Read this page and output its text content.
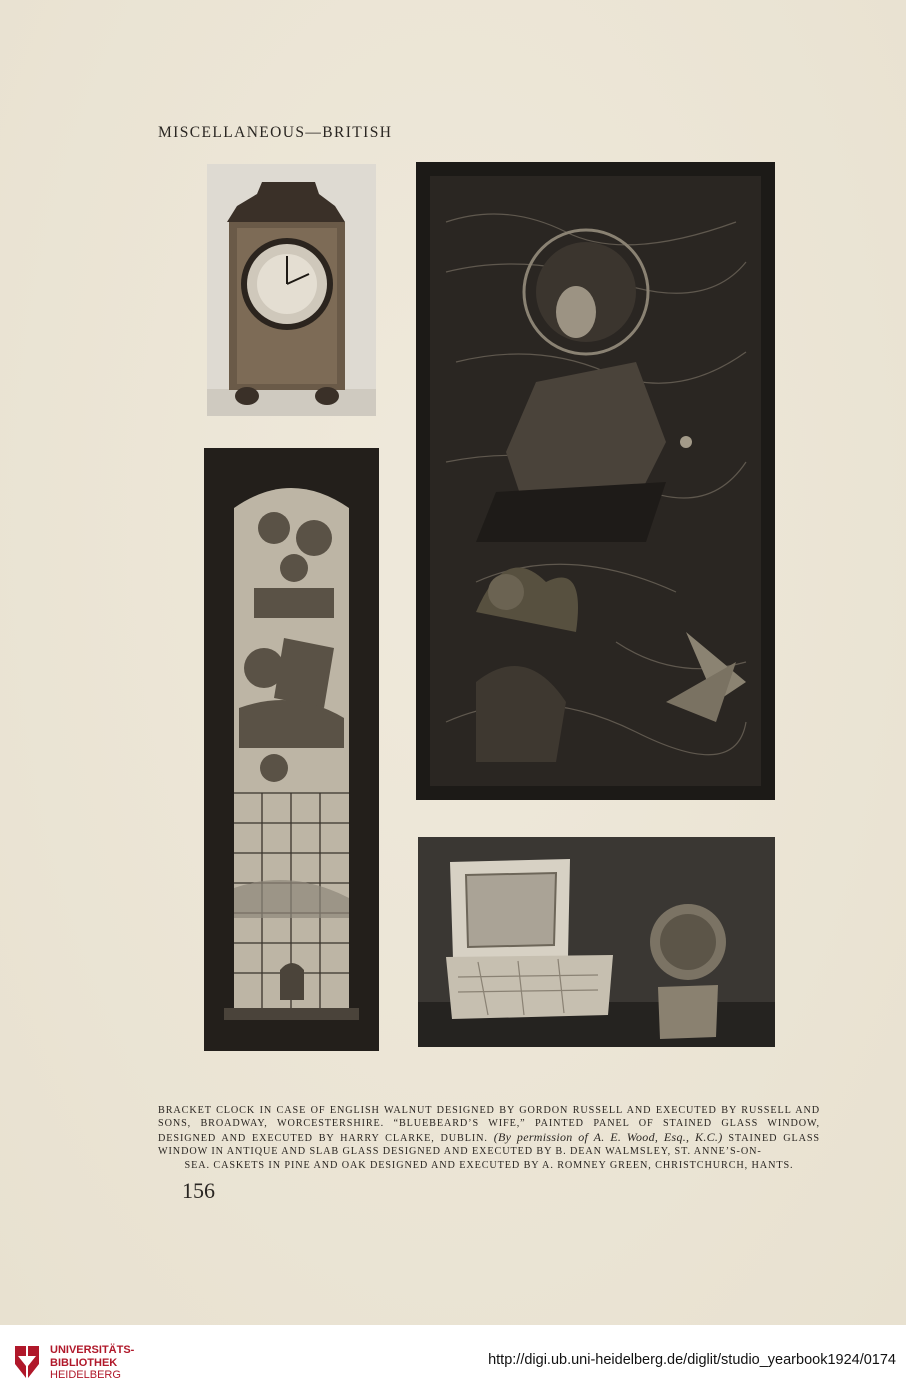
MISCELLANEOUS—BRITISH
BRACKET CLOCK IN CASE OF ENGLISH WALNUT DESIGNED BY GORDON RUSSELL AND EXECUTED BY RUSSELL AND SONS, BROADWAY, WORCESTERSHIRE. “BLUEBEARD’S WIFE,” PAINTED PANEL OF STAINED GLASS WINDOW, DESIGNED AND EXECUTED BY HARRY CLARKE, DUBLIN. (By permission of A. E. Wood, Esq., K.C.) STAINED GLASS WINDOW IN ANTIQUE AND SLAB GLASS DESIGNED AND EXECUTED BY B. DEAN WALMSLEY, ST. ANNE’S-ON-
SEA. CASKETS IN PINE AND OAK DESIGNED AND EXECUTED BY A. ROMNEY GREEN, CHRISTCHURCH, HANTS.
156
UNIVERSITÄTS-
BIBLIOTHEK
HEIDELBERG
http://digi.ub.uni-heidelberg.de/diglit/studio_yearbook1924/0174
